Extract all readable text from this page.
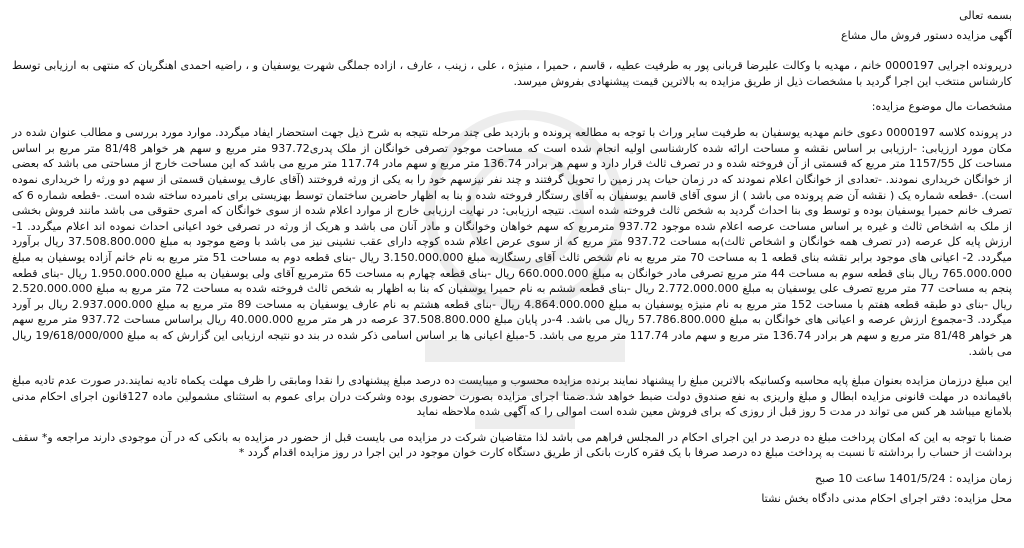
بسمه تعالی
آگهی مزایده دستور فروش مال مشاع
درپرونده اجرایی 0000197 خانم ، مهدیه با وکالت علیرضا قربانی پور به طرفیت عطیه ، قاسم ، حمیرا ، منیژه ، علی ، زینب ، عارف ، ازاده جملگی شهرت یوسفیان و ، راضیه احمدی اهنگریان که منتهی به ارزیابی توسط کارشناس منتخب این اجرا گردید با مشخصات ذیل از طریق مزایده به بالاترین قیمت پیشنهادی بفروش میرسد.
مشخصات مال موضوع مزایده:
در پرونده کلاسه 0000197 دعوی خانم مهدیه یوسفیان به طرفیت سایر وراث با توجه به مطالعه پرونده و بازدید طی چند مرحله نتیجه به شرح ذیل جهت استحضار ایفاد میگردد. موارد مورد بررسی و مطالب عنوان شده در مکان مورد ارزیابی: -ارزیابی بر اساس نقشه و مساحت ارائه شده کارشناسی اولیه انجام شده است که مساحت موجود تصرفی خوانگان از ملک پدری937.72 متر مربع و سهم هر خواهر 81/48 متر مربع بر اساس مساحت کل 1157/55 متر مربع که قسمتی از آن فروخته شده و در تصرف ثالث قرار دارد و سهم هر برادر 136.74 متر مربع و سهم مادر 117.74 متر مربع می باشد که این مساحت خارج از مساحتی می باشد که بعضی از خوانگان خریداری نمودند. -تعدادی از خوانگان اعلام نمودند که در زمان حیات پدر زمین را تحویل گرفتند و چند نفر نیزسهم خود را به یکی از ورثه فروختند (آقای عارف یوسفیان قسمتی از سهم دو ورثه را خریداری نموده است). -قطعه شماره یک ( نقشه آن ضم پرونده می باشد ) از سوی آقای قاسم یوسفیان به آقای رستگار فروخته شده و بنا به اظهار حاضرین ساختمان توسط بهزیستی برای نامبرده ساخته شده است. -قطعه شماره 6 که تصرف خانم حمیرا یوسفیان بوده و توسط وی بنا احداث گردید به شخص ثالث فروخته شده است. نتیجه ارزیابی: در نهایت ارزیابی خارج از موارد اعلام شده از سوی خوانگان که امری حقوقی می باشد مانند فروش بخشی از ملک به اشخاص ثالث و غیره بر اساس مساحت عرصه اعلام شده موجود 937.72 مترمربع که سهم خواهان وخوانگان و مادر آنان می باشد و هریک از ورثه در تصرفی خود اعیانی احداث نموده اند اعلام میگردد. 1- ارزش پایه کل عرصه (در تصرف همه خوانگان و اشخاص ثالث)به مساحت 937.72 متر مربع که از سوی عرض اعلام شده کوچه دارای عقب نشینی نیز می باشد با وضع موجود به مبلغ 37.508.800.000 ریال برآورد میگردد. 2- اعیانی های موجود برابر نقشه بنای قطعه 1 به مساحت 70 متر مربع به نام شخص ثالث آقای رستگاربه مبلغ 3.150.000.000 ریال -بنای قطعه دوم به مساحت 51 متر مربع به نام خانم آزاده یوسفیان به مبلغ 765.000.000 ریال بنای قطعه سوم به مساحت 44 متر مربع تصرفی مادر خوانگان به مبلغ 660.000.000 ریال -بنای قطعه چهارم به مساحت 65 مترمربع آقای ولی یوسفیان به مبلغ 1.950.000.000 ریال -بنای قطعه پنجم به مساحت 77 متر مربع تصرف علی یوسفیان به مبلغ 2.772.000.000 ریال -بنای قطعه ششم به نام حمیرا یوسفیان که بنا به اظهار به شخص ثالث فروخته شده به مساحت 72 متر مربع به مبلغ 2.520.000.000 ریال -بنای دو طبقه قطعه هفتم با مساحت 152 متر مربع به نام منیژه یوسفیان به مبلغ 4.864.000.000 ریال -بنای قطعه هشتم به نام عارف یوسفیان به مساحت 89 متر مربع به مبلغ 2.937.000.000 ریال بر آورد میگردد. 3-مجموع ارزش عرصه و اعیانی های خوانگان به مبلغ 57.786.800.000 ریال می باشد. 4-در پایان مبلغ 37.508.800.000 عرصه در هر متر مربع 40.000.000 ریال براساس مساحت 937.72 متر مربع سهم هر خواهر 81/48 متر مربع و سهم هر برادر 136.74 متر مربع و سهم مادر 117.74 متر مربع می باشد. 5-مبلغ اعیانی ها بر اساس اسامی ذکر شده در بند دو نتیجه ارزیابی این گزارش که به مبلغ 19/618/000/000 ریال می باشد.
این مبلغ درزمان مزایده بعنوان مبلغ پایه محاسبه وکسانیکه بالاترین مبلغ را پیشنهاد نمایند برنده مزایده محسوب و میبایست ده درصد مبلغ پیشنهادی را نقدا ومابقی را ظرف مهلت یکماه تادیه نمایند.در صورت عدم تادیه مبلغ باقیمانده در مهلت قانونی مزایده ابطال و مبلغ واریزی به نفع صندوق دولت ضبط خواهد شد.ضمنا اجرای مزایده بصورت حضوری بوده وشرکت دران برای عموم به استثنای مشمولین ماده 127قانون اجرای احکام مدنی بلامانع میباشد هر کس می تواند در مدت 5 روز قبل از روزی که برای فروش معین شده است اموالی را که آگهی شده ملاحظه نماید
ضمنا با توجه به این که امکان پرداخت مبلغ ده درصد در این اجرای احکام در المجلس فراهم می باشد لذا متقاضیان شرکت در مزایده می بایست قبل از حضور در مزایده به بانکی که در آن موجودی دارند مراجعه و* سقف برداشت از حساب را برداشته تا نسبت به پرداخت مبلغ ده درصد صرفا با یک فقره کارت بانکی از طریق دستگاه کارت خوان موجود در این اجرا در روز مزایده اقدام گردد *
زمان مزایده : 1401/5/24 ساعت 10 صبح
محل مزایده: دفتر اجرای احکام مدنی دادگاه بخش نشتا
